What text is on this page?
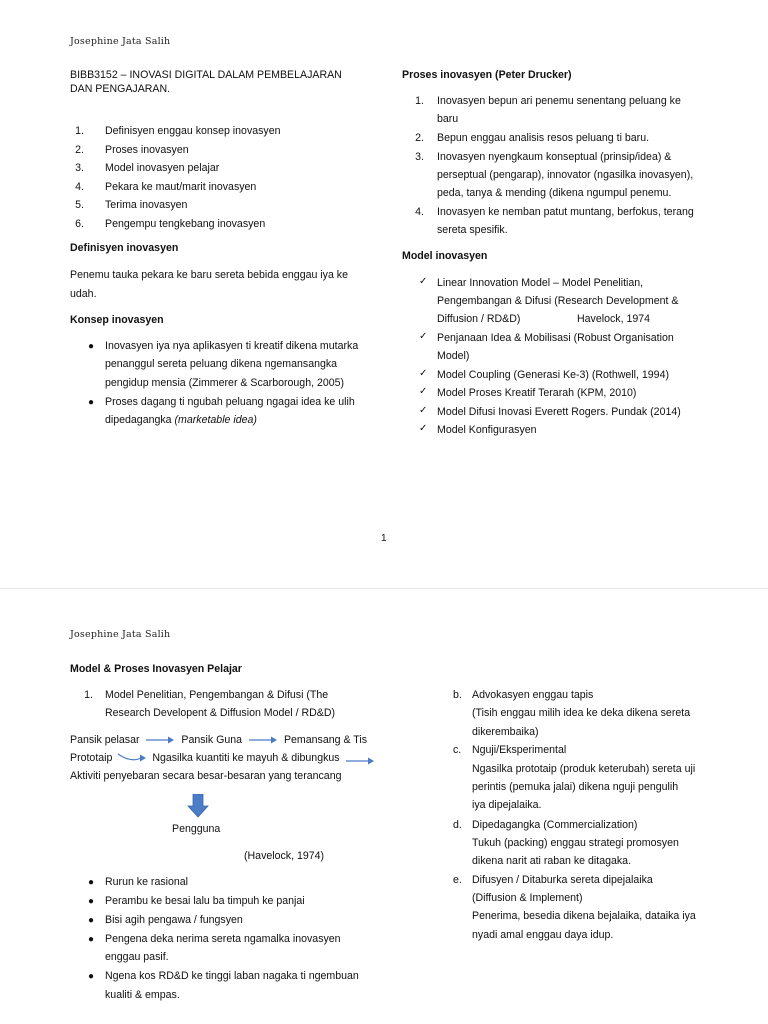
Josephine Jata Salih
BIBB3152 – INOVASI DIGITAL DALAM PEMBELAJARAN
DAN PENGAJARAN.
1. Definisyen enggau konsep inovasyen
2. Proses inovasyen
3. Model inovasyen pelajar
4. Pekara ke maut/marit inovasyen
5. Terima inovasyen
6. Pengempu tengkebang inovasyen
Definisyen inovasyen
Penemu tauka pekara ke baru sereta bebida enggau iya ke
udah.
Konsep inovasyen
● Inovasyen iya nya aplikasyen ti kreatif dikena mutarka
penanggul sereta peluang dikena ngemansangka
pengidup mensia (Zimmerer & Scarborough, 2005)
● Proses dagang ti ngubah peluang ngagai idea ke ulih
dipedagangka (marketable idea)
Proses inovasyen (Peter Drucker)
1. Inovasyen bepun ari penemu senentang peluang ke
baru
2. Bepun enggau analisis resos peluang ti baru.
3. Inovasyen nyengkaum konseptual (prinsip/idea) &
perseptual (pengarap), innovator (ngasilka inovasyen),
peda, tanya & mending (dikena ngumpul penemu.
4. Inovasyen ke nemban patut muntang, berfokus, terang
sereta spesifik.
Model inovasyen
✓ Linear Innovation Model – Model Penelitian,
Pengembangan & Difusi (Research Development &
Diffusion / RD&D)	Havelock, 1974
✓ Penjanaan Idea & Mobilisasi (Robust Organisation
Model)
✓ Model Coupling (Generasi Ke-3) (Rothwell, 1994)
✓ Model Proses Kreatif Terarah (KPM, 2010)
✓ Model Difusi Inovasi Everett Rogers. Pundak (2014)
✓ Model Konfigurasyen
1
Josephine Jata Salih
Model & Proses Inovasyen Pelajar
1. Model Penelitian, Pengembangan & Difusi (The
Research Developent & Diffusion Model / RD&D)
Pansik pelasar	Pansik Guna	Pemansang & Tis
Prototaip	Ngasilka kuantiti ke mayuh & dibungkus
Aktiviti penyebaran secara besar-besaran yang terancang
Pengguna
(Havelock, 1974)
● Rurun ke rasional
● Perambu ke besai lalu ba timpuh ke panjai
● Bisi agih pengawa / fungsyen
● Pengena deka nerima sereta ngamalka inovasyen
enggau pasif.
● Ngena kos RD&D ke tinggi laban nagaka ti ngembuan
kualiti & empas.
b. Advokasyen enggau tapis
(Tisih enggau milih idea ke deka dikena sereta
dikerembaika)
c. Nguji/Eksperimental
Ngasilka prototaip (produk keterubah) sereta uji
perintis (pemuka jalai) dikena nguji pengulih
iya dipejalaika.
d. Dipedagangka (Commercialization)
Tukuh (packing) enggau strategi promosyen
dikena narit ati raban ke ditagaka.
e. Difusyen / Ditaburka sereta dipejalaika
(Diffusion & Implement)
Penerima, besedia dikena bejalaika, dataika iya
nyadi amal enggau daya idup.
